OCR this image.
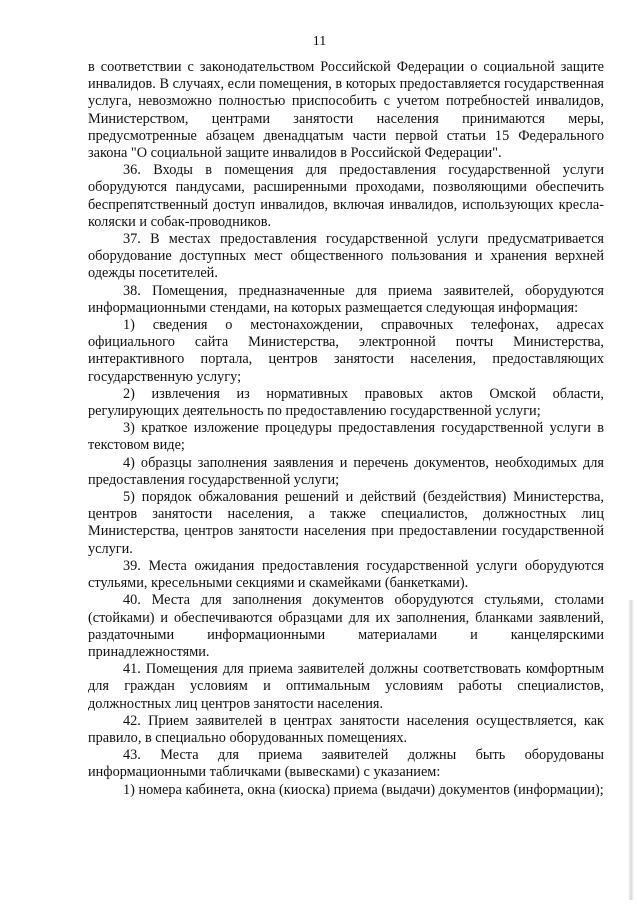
11

в соответствии с законодательством Российской Федерации о социальной защите инвалидов. В случаях, если помещения, в которых предоставляется государственная услуга, невозможно полностью приспособить с учетом потребностей инвалидов, Министерством, центрами занятости населения принимаются меры, предусмотренные абзацем двенадцатым части первой статьи 15 Федерального закона "О социальной защите инвалидов в Российской Федерации".

36. Входы в помещения для предоставления государственной услуги оборудуются пандусами, расширенными проходами, позволяющими обеспечить беспрепятственный доступ инвалидов, включая инвалидов, использующих кресла-коляски и собак-проводников.

37. В местах предоставления государственной услуги предусматривается оборудование доступных мест общественного пользования и хранения верхней одежды посетителей.

38. Помещения, предназначенные для приема заявителей, оборудуются информационными стендами, на которых размещается следующая информация:

1) сведения о местонахождении, справочных телефонах, адресах официального сайта Министерства, электронной почты Министерства, интерактивного портала, центров занятости населения, предоставляющих государственную услугу;

2) извлечения из нормативных правовых актов Омской области, регулирующих деятельность по предоставлению государственной услуги;

3) краткое изложение процедуры предоставления государственной услуги в текстовом виде;

4) образцы заполнения заявления и перечень документов, необходимых для предоставления государственной услуги;

5) порядок обжалования решений и действий (бездействия) Министерства, центров занятости населения, а также специалистов, должностных лиц Министерства, центров занятости населения при предоставлении государственной услуги.

39. Места ожидания предоставления государственной услуги оборудуются стульями, кресельными секциями и скамейками (банкетками).

40. Места для заполнения документов оборудуются стульями, столами (стойками) и обеспечиваются образцами для их заполнения, бланками заявлений, раздаточными информационными материалами и канцелярскими принадлежностями.

41. Помещения для приема заявителей должны соответствовать комфортным для граждан условиям и оптимальным условиям работы специалистов, должностных лиц центров занятости населения.

42. Прием заявителей в центрах занятости населения осуществляется, как правило, в специально оборудованных помещениях.

43. Места для приема заявителей должны быть оборудованы информационными табличками (вывесками) с указанием:

1) номера кабинета, окна (киоска) приема (выдачи) документов (информации);
